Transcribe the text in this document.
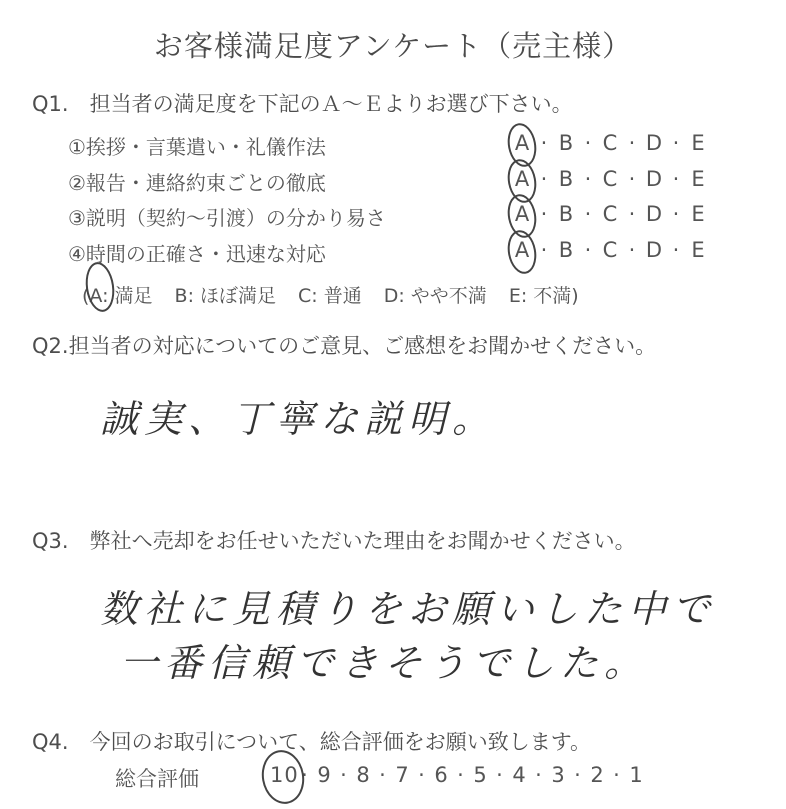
お客様満足度アンケート（売主様）
Q1.　担当者の満足度を下記のＡ～Ｅよりお選び下さい。
①挨拶・言葉遣い・礼儀作法
②報告・連絡約束ごとの徹底
③説明（契約～引渡）の分かり易さ
④時間の正確さ・迅速な対応
A · B · C · D · E
A · B · C · D · E
A · B · C · D · E
A · B · C · D · E
(A: 満足 B: ほぼ満足 C: 普通 D: やや不満 E: 不満)
Q2.担当者の対応についてのご意見、ご感想をお聞かせください。
誠実、丁寧な説明。
Q3.　弊社へ売却をお任せいただいた理由をお聞かせください。
数社に見積りをお願いした中で
一番信頼できそうでした。
Q4.　今回のお取引について、総合評価をお願い致します。
総合評価	10 · 9 · 8 · 7 · 6 · 5 · 4 · 3 · 2 · 1
